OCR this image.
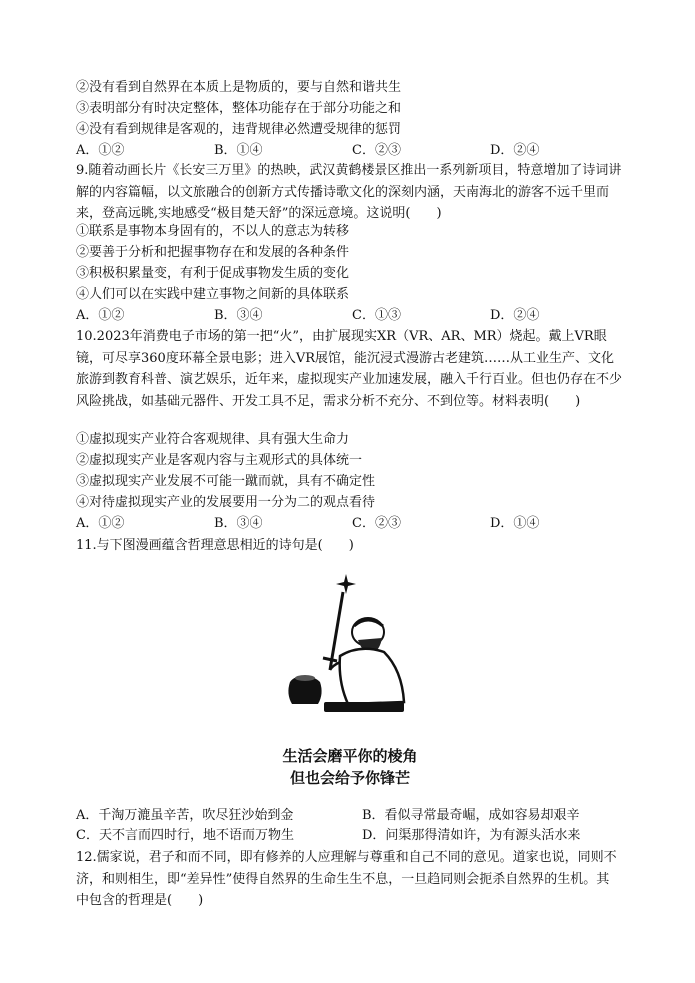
②没有看到自然界在本质上是物质的，要与自然和谐共生
③表明部分有时决定整体，整体功能存在于部分功能之和
④没有看到规律是客观的，违背规律必然遭受规律的惩罚
A．①②	B．①④	C．②③	D．②④
9.随着动画长片《长安三万里》的热映，武汉黄鹤楼景区推出一系列新项目，特意增加了诗词讲解的内容篇幅，以文旅融合的创新方式传播诗歌文化的深刻内涵，天南海北的游客不远千里而来，登高远眺,实地感受“极目楚天舒”的深远意境。这说明(　　)
①联系是事物本身固有的，不以人的意志为转移
②要善于分析和把握事物存在和发展的各种条件
③积极积累量变，有利于促成事物发生质的变化
④人们可以在实践中建立事物之间新的具体联系
A．①②	B．③④	C．①③	D．②④
10.2023年消费电子市场的第一把“火”，由扩展现实XR（VR、AR、MR）烧起。戴上VR眼镜，可尽享360度环幕全景电影；进入VR展馆，能沉浸式漫游古老建筑……从工业生产、文化旅游到教育科普、演艺娱乐，近年来，虚拟现实产业加速发展，融入千行百业。但也仍存在不少风险挑战，如基础元器件、开发工具不足，需求分析不充分、不到位等。材料表明(　　)
①虚拟现实产业符合客观规律、具有强大生命力
②虚拟现实产业是客观内容与主观形式的具体统一
③虚拟现实产业发展不可能一蹴而就，具有不确定性
④对待虚拟现实产业的发展要用一分为二的观点看待
A．①②	B．③④	C．②③	D．①④
11.与下图漫画蕴含哲理意思相近的诗句是(　　)
生活会磨平你的棱角
但也会给予你锋芒
A．千淘万漉虽辛苦，吹尽狂沙始到金	B．看似寻常最奇崛，成如容易却艰辛
C．天不言而四时行，地不语而万物生	D．问渠那得清如许，为有源头活水来
12.儒家说，君子和而不同，即有修养的人应理解与尊重和自己不同的意见。道家也说，同则不济，和则相生，即“差异性”使得自然界的生命生生不息，一旦趋同则会扼杀自然界的生机。其中包含的哲理是(　　)
